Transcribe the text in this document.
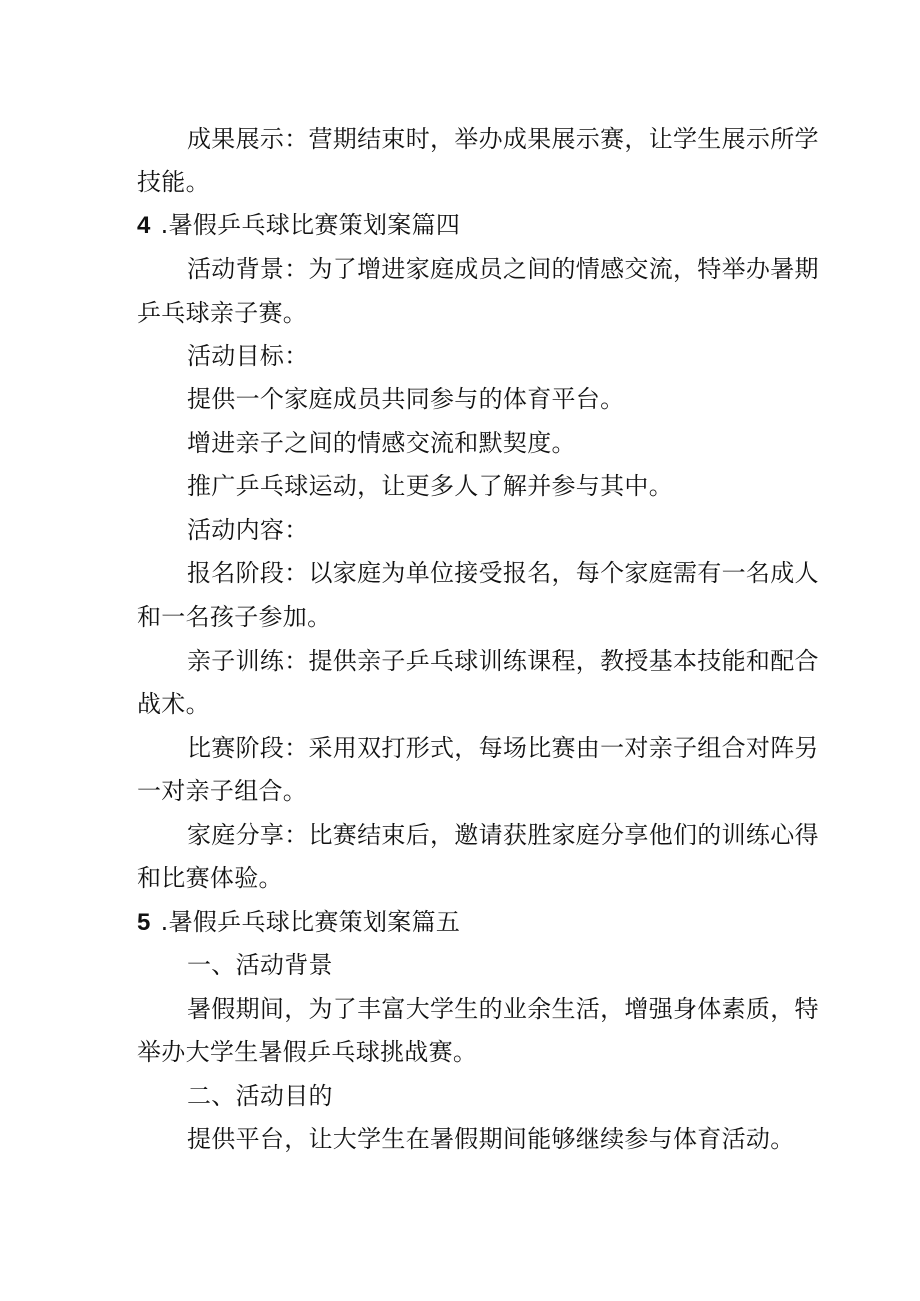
成果展示：营期结束时，举办成果展示赛，让学生展示所学
技能。
4 .暑假乒乓球比赛策划案篇四
活动背景：为了增进家庭成员之间的情感交流，特举办暑期
乒乓球亲子赛。
活动目标：
提供一个家庭成员共同参与的体育平台。
增进亲子之间的情感交流和默契度。
推广乒乓球运动，让更多人了解并参与其中。
活动内容：
报名阶段：以家庭为单位接受报名，每个家庭需有一名成人
和一名孩子参加。
亲子训练：提供亲子乒乓球训练课程，教授基本技能和配合
战术。
比赛阶段：采用双打形式，每场比赛由一对亲子组合对阵另
一对亲子组合。
家庭分享：比赛结束后，邀请获胜家庭分享他们的训练心得
和比赛体验。
5 .暑假乒乓球比赛策划案篇五
一、活动背景
暑假期间，为了丰富大学生的业余生活，增强身体素质，特
举办大学生暑假乒乓球挑战赛。
二、活动目的
提供平台，让大学生在暑假期间能够继续参与体育活动。
